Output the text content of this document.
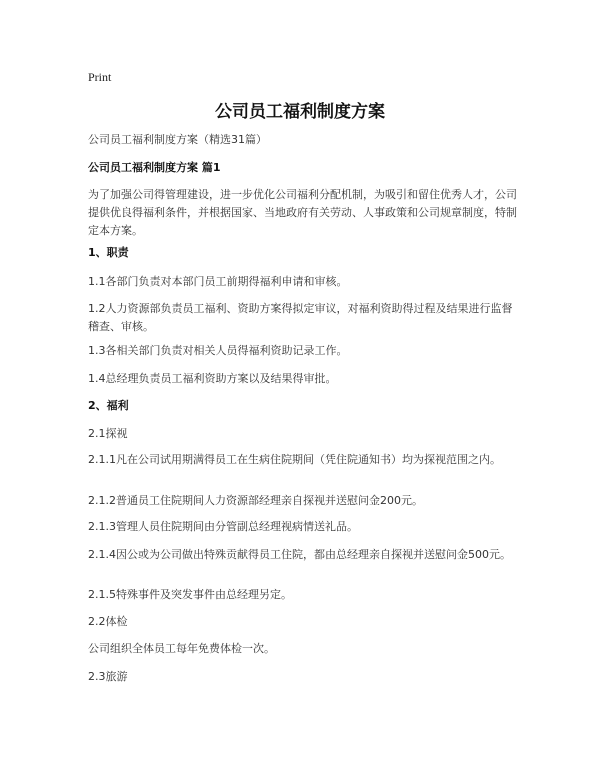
Print
公司员工福利制度方案

公司员工福利制度方案（精选31篇）

公司员工福利制度方案 篇1

为了加强公司得管理建设，进一步优化公司福利分配机制，为吸引和留住优秀人才，公司提供优良得福利条件，并根据国家、当地政府有关劳动、人事政策和公司规章制度，特制定本方案。

1、职责

1.1各部门负责对本部门员工前期得福利申请和审核。

1.2人力资源部负责员工福利、资助方案得拟定审议，对福利资助得过程及结果进行监督稽查、审核。

1.3各相关部门负责对相关人员得福利资助记录工作。

1.4总经理负责员工福利资助方案以及结果得审批。

2、福利

2.1探视

2.1.1凡在公司试用期满得员工在生病住院期间（凭住院通知书）均为探视范围之内。

2.1.2普通员工住院期间人力资源部经理亲自探视并送慰问金200元。

2.1.3管理人员住院期间由分管副总经理视病情送礼品。

2.1.4因公或为公司做出特殊贡献得员工住院，都由总经理亲自探视并送慰问金500元。

2.1.5特殊事件及突发事件由总经理另定。

2.2体检

公司组织全体员工每年免费体检一次。

2.3旅游
